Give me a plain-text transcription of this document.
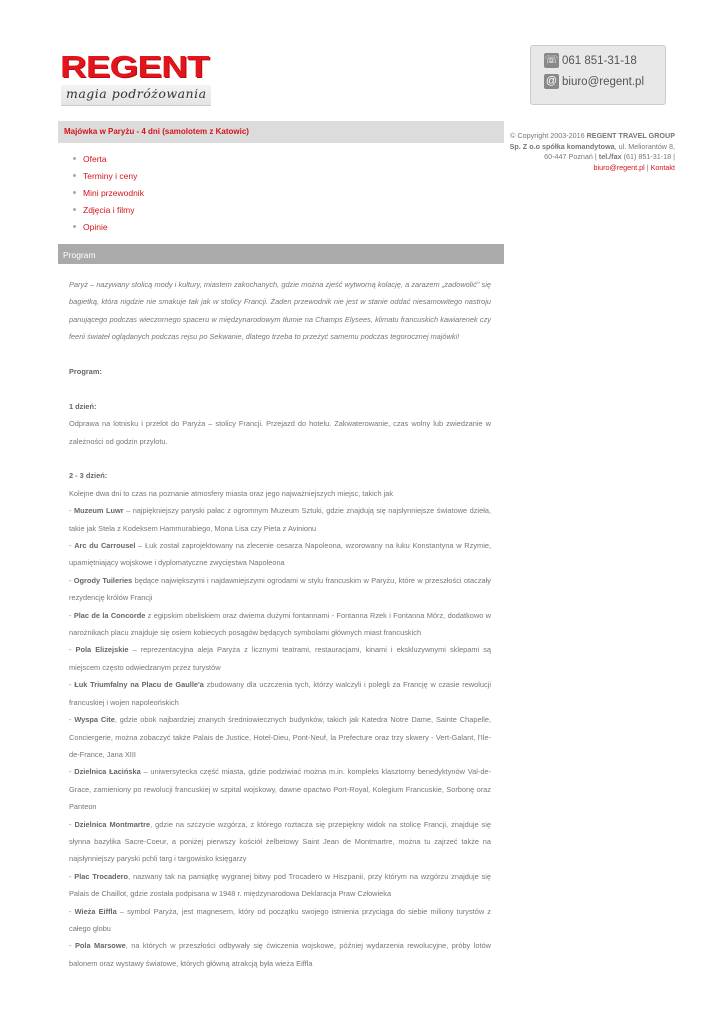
REGENT
magia podróżowania
☏ 061 851-31-18
@ biuro@regent.pl
© Copyright 2003-2016 REGENT TRAVEL GROUP
Sp. Z o.o spółka komandytowa, ul. Meliorantów 8,
60-447 Poznań | tel./fax (61) 851-31-18 |
biuro@regent.pl | Kontakt
Majówka w Paryżu - 4 dni (samolotem z Katowic)
Oferta
Terminy i ceny
Mini przewodnik
Zdjęcia i filmy
Opinie
Program

Paryż – nazywany stolicą mody i kultury, miastem zakochanych, gdzie można zjeść wytworną kolację, a zarazem „zadowolić" się bagietką, która nigdzie nie smakuje tak jak w stolicy Francji. Żaden przewodnik nie jest w stanie oddać niesamowitego nastroju panującego podczas wieczornego spaceru w międzynarodowym tłumie na Champs Elysees, klimatu francuskich kawiarenek czy feerii świateł oglądanych podczas rejsu po Sekwanie, dlatego trzeba to przeżyć samemu podczas tegorocznej majówki!

Program:

1 dzień:

Odprawa na lotnisku i przelot do Paryża – stolicy Francji. Przejazd do hotelu. Zakwaterowanie, czas wolny lub zwiedzanie w zależności od godzin przylotu.

2 - 3 dzień:

Kolejne dwa dni to czas na poznanie atmosfery miasta oraz jego najważniejszych miejsc, takich jak

- Muzeum Luwr – najpiękniejszy paryski pałac z ogromnym Muzeum Sztuki, gdzie znajdują się najsłynniejsze światowe dzieła, takie jak Stela z Kodeksem Hammurabiego, Mona Lisa czy Pieta z Avinionu

- Arc du Carrousel – Łuk został zaprojektowany na zlecenie cesarza Napoleona, wzorowany na łuku Konstantyna w Rzymie, upamiętniający wojskowe i dyplomatyczne zwycięstwa Napoleona

- Ogrody Tuileries będące największymi i najdawniejszymi ogrodami w stylu francuskim w Paryżu, które w przeszłości otaczały rezydencję królów Francji

- Plac de la Concorde z egipskim obeliskiem oraz dwiema dużymi fontannami - Fontanna Rzek i Fontanna Mórz, dodatkowo w narożnikach placu znajduje się osiem kobiecych posągów będących symbolami głównych miast francuskich

- Pola Elizejskie – reprezentacyjna aleja Paryża z licznymi teatrami, restauracjami, kinami i ekskluzywnymi sklepami są miejscem często odwiedzanym przez turystów

- Łuk Triumfalny na Placu de Gaulle'a zbudowany dla uczczenia tych, którzy walczyli i polegli za Francję w czasie rewolucji francuskiej i wojen napoleońskich

- Wyspa Cite, gdzie obok najbardziej znanych średniowiecznych budynków, takich jak Katedra Notre Dame, Sainte Chapelle, Conciergerie, można zobaczyć także Palais de Justice, Hotel-Dieu, Pont-Neuf, la Prefecture oraz trzy skwery - Vert-Galant, l'Ile-de-France, Jana XIII

- Dzielnica Łacińska – uniwersytecka część miasta, gdzie podziwiać można m.in. kompleks klasztorny benedyktynów Val-de-Grace, zamieniony po rewolucji francuskiej w szpital wojskowy, dawne opactwo Port-Royal, Kolegium Francuskie, Sorbonę oraz Panteon

- Dzielnica Montmartre, gdzie na szczycie wzgórza, z którego roztacza się przepiękny widok na stolicę Francji, znajduje się słynna bazylika Sacre-Coeur, a poniżej pierwszy kościół żelbetowy Saint Jean de Montmartre, można tu zajrzeć także na najsłynniejszy paryski pchli targ i targowisko księgarzy

- Plac Trocadero, nazwany tak na pamiątkę wygranej bitwy pod Trocadero w Hiszpanii, przy którym na wzgórzu znajduje się Palais de Chaillot, gdzie została podpisana w 1948 r. międzynarodowa Deklaracja Praw Człowieka

- Wieża Eiffla – symbol Paryża, jest magnesem, który od początku swojego istnienia przyciąga do siebie miliony turystów z całego globu

- Pola Marsowe, na których w przeszłości odbywały się ćwiczenia wojskowe, później wydarzenia rewolucyjne, próby lotów balonem oraz wystawy światowe, których główną atrakcją była wieża Eiffla
